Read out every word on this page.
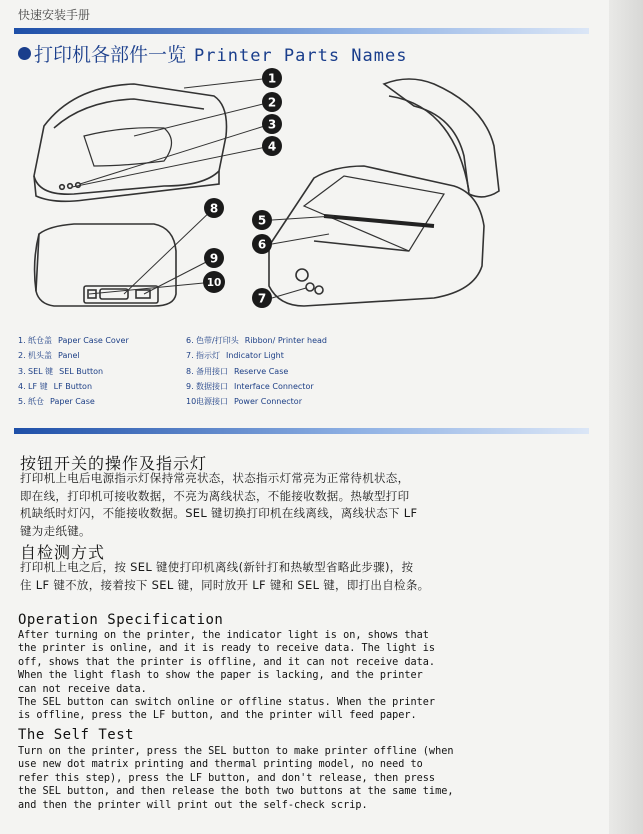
快速安装手册
打印机各部件一览 Printer Parts Names
1
2
3
4
5
6
7
8
9
10
1. 纸仓盖 Paper Case Cover
2. 机头盖 Panel
3. SEL 键 SEL Button
4. LF 键 LF Button
5. 纸仓 Paper Case
6. 色带/打印头 Ribbon/ Printer head
7. 指示灯 Indicator Light
8. 备用接口 Reserve Case
9. 数据接口 Interface Connector
10.电源接口 Power Connector
按钮开关的操作及指示灯
打印机上电后电源指示灯保持常亮状态，状态指示灯常亮为正常待机状态，
即在线，打印机可接收数据，不亮为离线状态，不能接收数据。热敏型打印
机缺纸时灯闪，不能接收数据。SEL 键切换打印机在线离线，离线状态下 LF
键为走纸键。
自检测方式
打印机上电之后，按 SEL 键使打印机离线(新针打和热敏型省略此步骤)，按
住 LF 键不放，接着按下 SEL 键，同时放开 LF 键和 SEL 键，即打出自检条。
Operation Specification
After turning on the printer, the indicator light is on, shows that
the printer is online, and it is ready to receive data. The light is
off, shows that the printer is offline, and it can not receive data.
When the light flash to show the paper is lacking, and the printer
can not receive data.
The SEL button can switch online or offline status. When the printer
is offline, press the LF button, and the printer will feed paper.
The Self Test
Turn on the printer, press the SEL button to make printer offline (when
use new dot matrix printing and thermal printing model, no need to
refer this step), press the LF button, and don't release, then press
the SEL button, and then release the both two buttons at the same time,
and then the printer will print out the self-check scrip.
